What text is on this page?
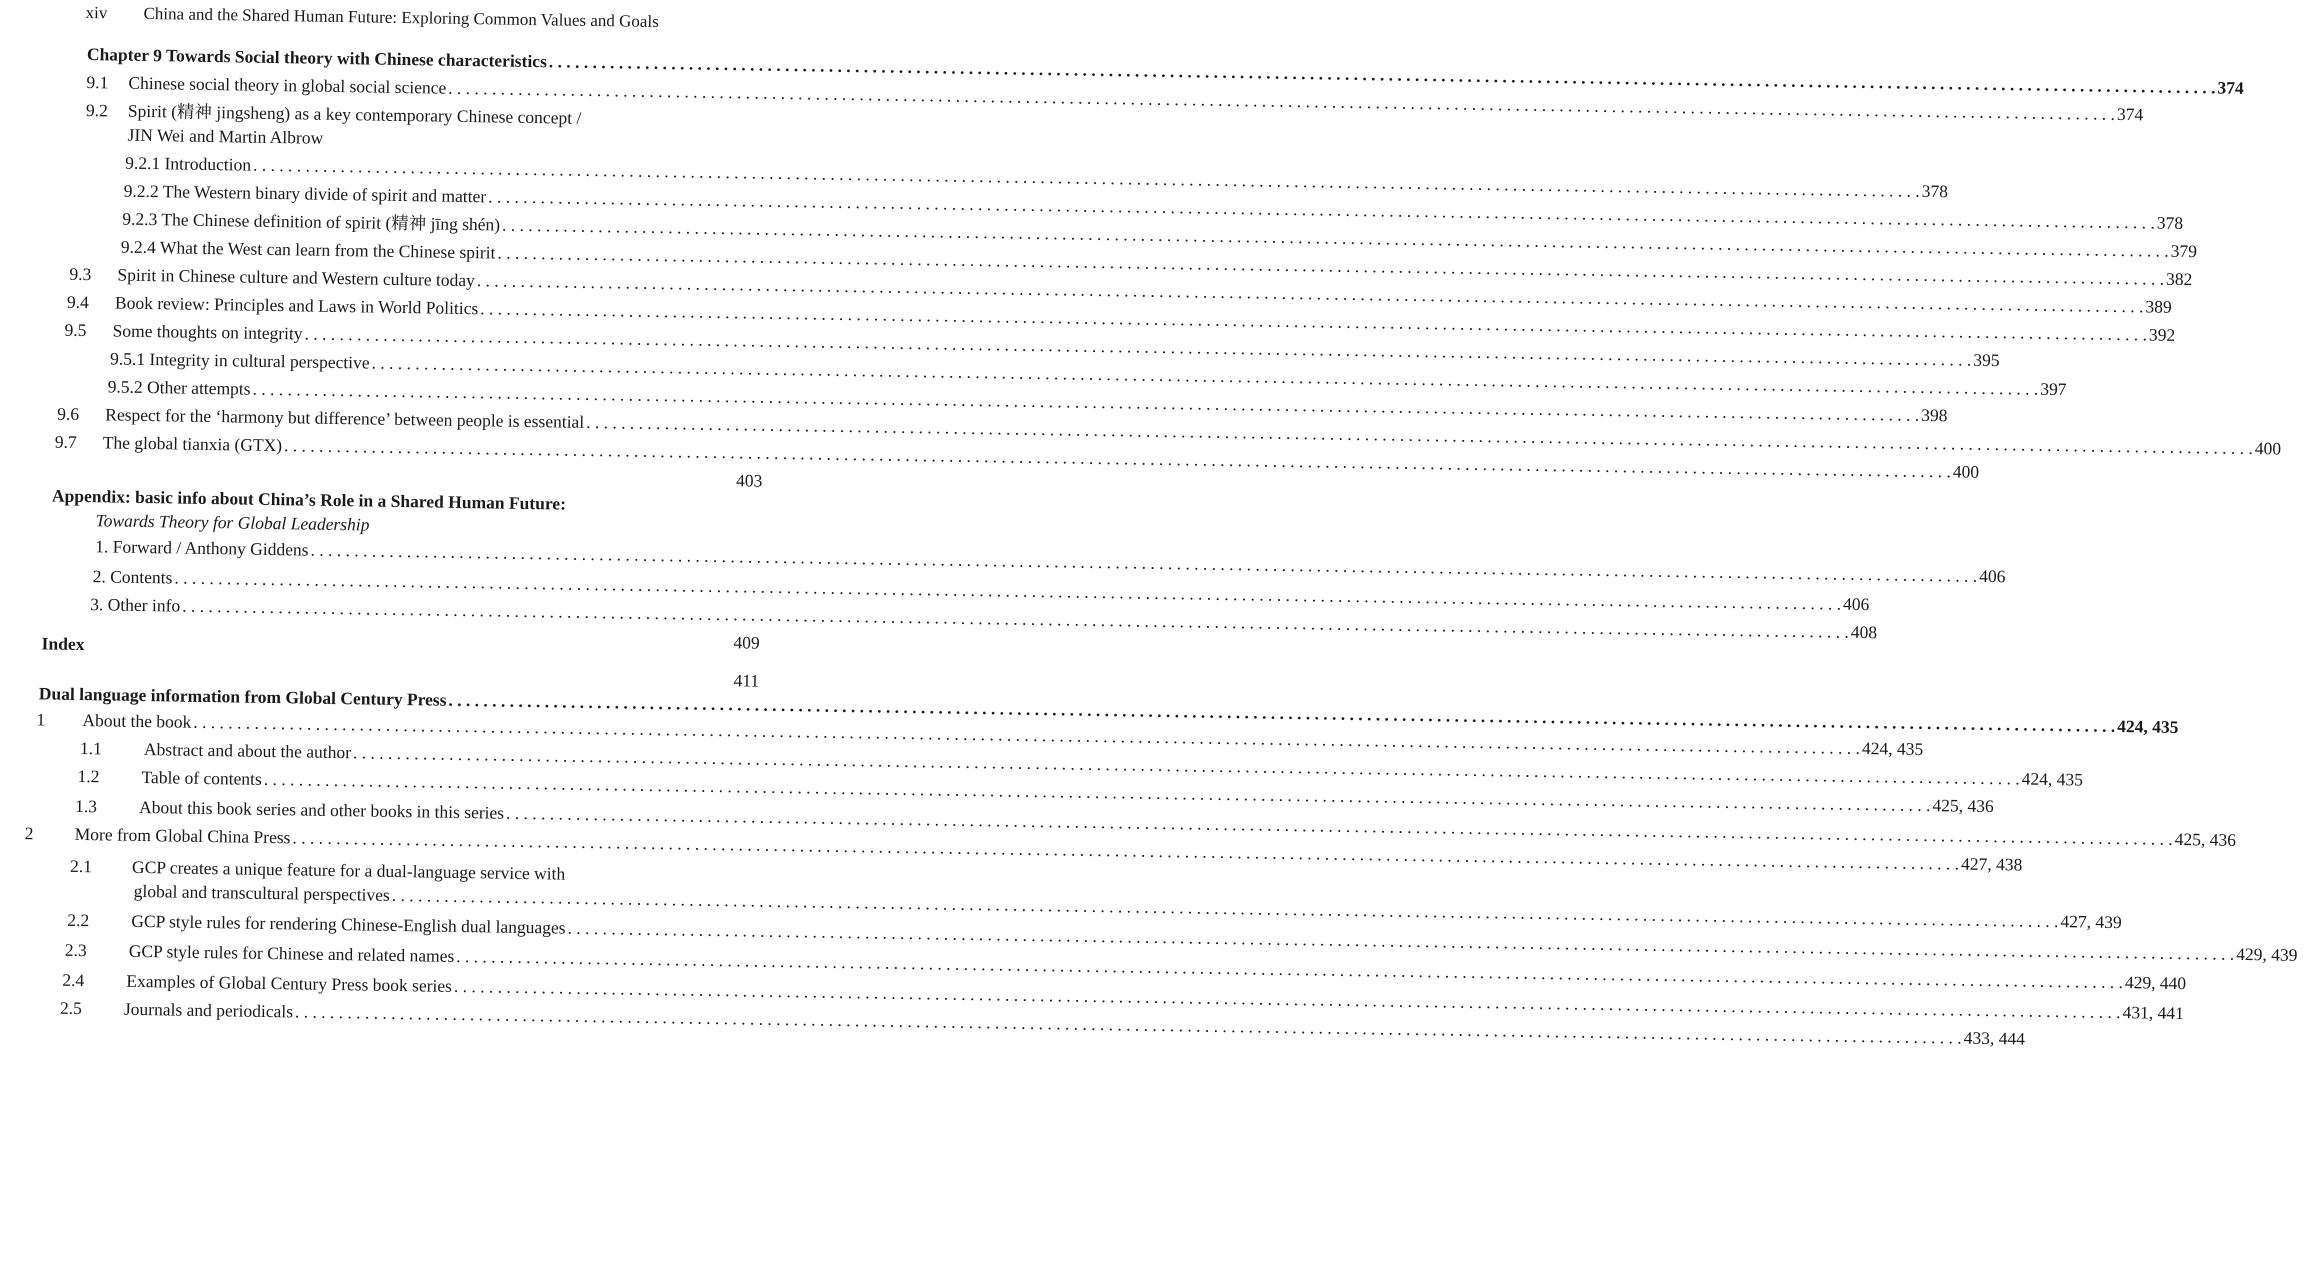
xiv China and the Shared Human Future: Exploring Common Values and Goals
Chapter 9 Towards Social theory with Chinese characteristics
. . .
374
9.1 Chinese social theory in global social science
. . .
374
9.2 Spirit (精神 jingsheng) as a key contemporary Chinese concept /
JIN Wei and Martin Albrow
9.2.1 Introduction
. . .
378
9.2.2 The Western binary divide of spirit and matter
. . .
378
9.2.3 The Chinese definition of spirit (精神 jīng shén)
. . .
379
9.2.4 What the West can learn from the Chinese spirit
. . .
382
9.3 Spirit in Chinese culture and Western culture today
. . .
389
9.4 Book review: Principles and Laws in World Politics
. . .
392
9.5 Some thoughts on integrity
. . .
395
9.5.1 Integrity in cultural perspective
. . .
397
9.5.2 Other attempts
. . .
398
9.6 Respect for the ‘harmony but difference’ between people is essential
. . .
400
9.7 The global tianxia (GTX)
. . .
400
403
Appendix: basic info about China’s Role in a Shared Human Future:
Towards Theory for Global Leadership
1. Forward / Anthony Giddens
. . .
406
2. Contents
. . .
406
3. Other info
. . .
408
409
Index
411
Dual language information from Global Century Press
. . .
424, 435
1 About the book
. . .
424, 435
1.1 Abstract and about the author
. . .
424, 435
1.2 Table of contents
. . .
425, 436
1.3 About this book series and other books in this series
. . .
425, 436
2 More from Global China Press
. . .
427, 438
2.1 GCP creates a unique feature for a dual-language service with
global and transcultural perspectives
. . .
427, 439
2.2 GCP style rules for rendering Chinese-English dual languages
. . .
429, 439
2.3 GCP style rules for Chinese and related names
. . .
429, 440
2.4 Examples of Global Century Press book series
. . .
431, 441
2.5 Journals and periodicals
. . .
433, 444
